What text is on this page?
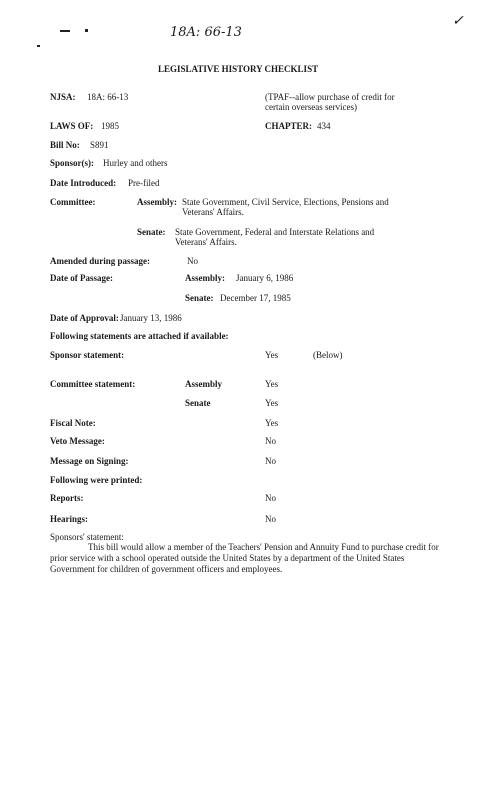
18A: 66-13
✓
LEGISLATIVE HISTORY CHECKLIST
NJSA: 18A: 66-13	(TPAF--allow purchase of credit for
certain overseas services)
LAWS OF: 1985	CHAPTER: 434
Bill No: S891
Sponsor(s): Hurley and others
Date Introduced: Pre-filed
Committee:	Assembly: State Government, Civil Service, Elections, Pensions and
Veterans' Affairs.
Senate: State Government, Federal and Interstate Relations and
Veterans' Affairs.
Amended during passage:	No
Date of Passage:	Assembly: January 6, 1986
Senate: December 17, 1985
Date of Approval: January 13, 1986
Following statements are attached if available:
Sponsor statement:	Yes	(Below)
Committee statement:	Assembly	Yes
Senate	Yes
Fiscal Note:	Yes
Veto Message:	No
Message on Signing:	No
Following were printed:
Reports:	No
Hearings:	No
Sponsors' statement:
This bill would allow a member of the Teachers' Pension and Annuity Fund to purchase credit for prior service with a school operated outside the United States by a department of the United States Government for children of government officers and employees.
